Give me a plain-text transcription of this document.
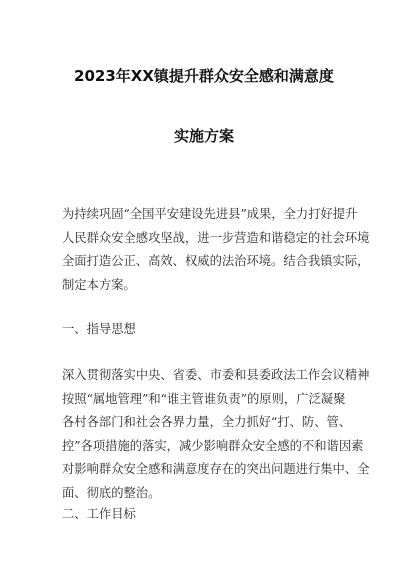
2023年XX镇提升群众安全感和满意度
实施方案

为持续巩固“全国平安建设先进县”成果，全力打好提升
人民群众安全感攻坚战，进一步营造和谐稳定的社会环境
全面打造公正、高效、权威的法治环境。结合我镇实际，
制定本方案。

一、指导思想

深入贯彻落实中央、省委、市委和县委政法工作会议精神
按照“属地管理”和“谁主管谁负责”的原则，广泛凝聚
各村各部门和社会各界力量，全力抓好“打、防、管、
控”各项措施的落实，减少影响群众安全感的不和谐因素
对影响群众安全感和满意度存在的突出问题进行集中、全
面、彻底的整治。

二、工作目标
